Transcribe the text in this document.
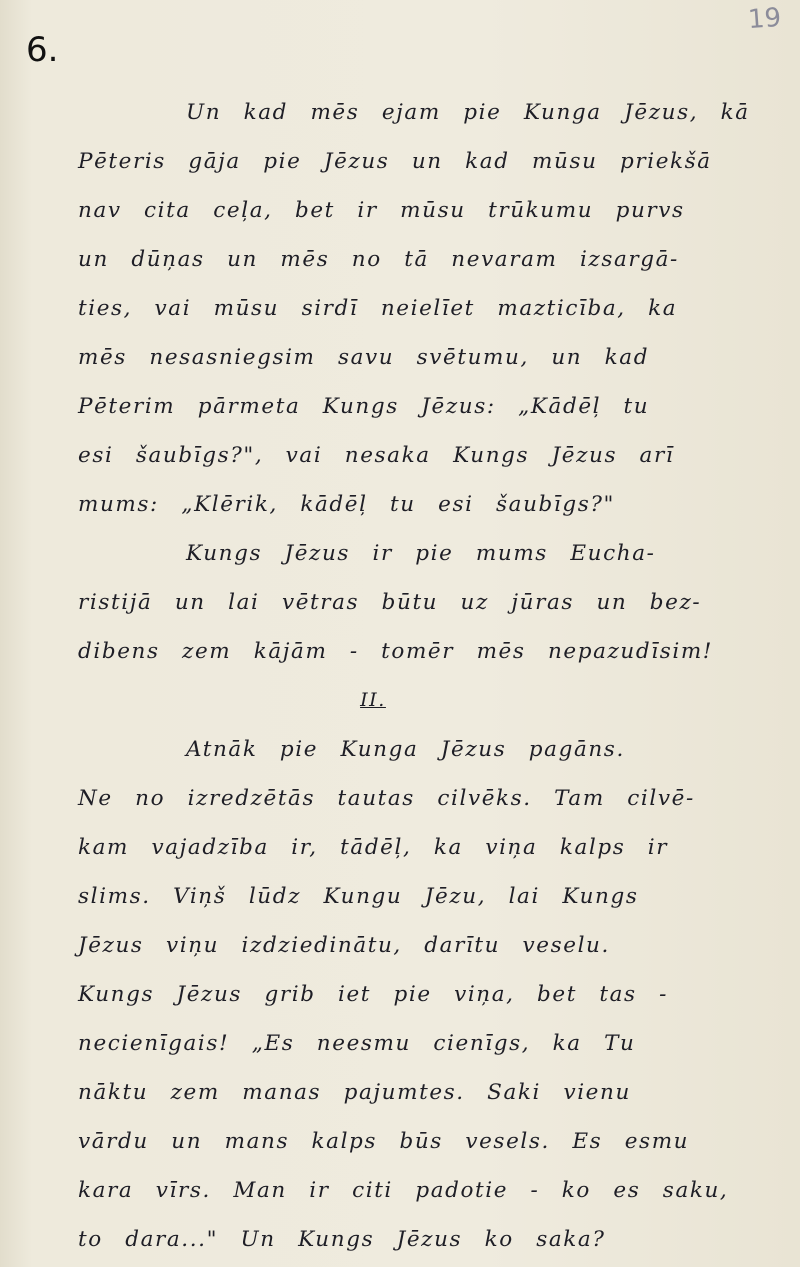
6.
19
Un kad mēs ejam pie Kunga Jēzus, kā
Pēteris gāja pie Jēzus un kad mūsu priekšā
nav cita ceļa, bet ir mūsu trūkumu purvs
un dūņas un mēs no tā nevaram izsargā-
ties, vai mūsu sirdī neielīet mazticība, ka
mēs nesasniegsim savu svētumu, un kad
Pēterim pārmeta Kungs Jēzus: „Kādēļ tu
esi šaubīgs?", vai nesaka Kungs Jēzus arī
mums: „Klērik, kādēļ tu esi šaubīgs?"
Kungs Jēzus ir pie mums Eucha-
ristijā un lai vētras būtu uz jūras un bez-
dibens zem kājām - tomēr mēs nepazudīsim!
II.
Atnāk pie Kunga Jēzus pagāns.
Ne no izredzētās tautas cilvēks. Tam cilvē-
kam vajadzība ir, tādēļ, ka viņa kalps ir
slims. Viņš lūdz Kungu Jēzu, lai Kungs
Jēzus viņu izdziedinātu, darītu veselu.
Kungs Jēzus grib iet pie viņa, bet tas -
necienīgais! „Es neesmu cienīgs, ka Tu
nāktu zem manas pajumtes. Saki vienu
vārdu un mans kalps būs vesels. Es esmu
kara vīrs. Man ir citi padotie - ko es saku,
to dara..." Un Kungs Jēzus ko saka?
